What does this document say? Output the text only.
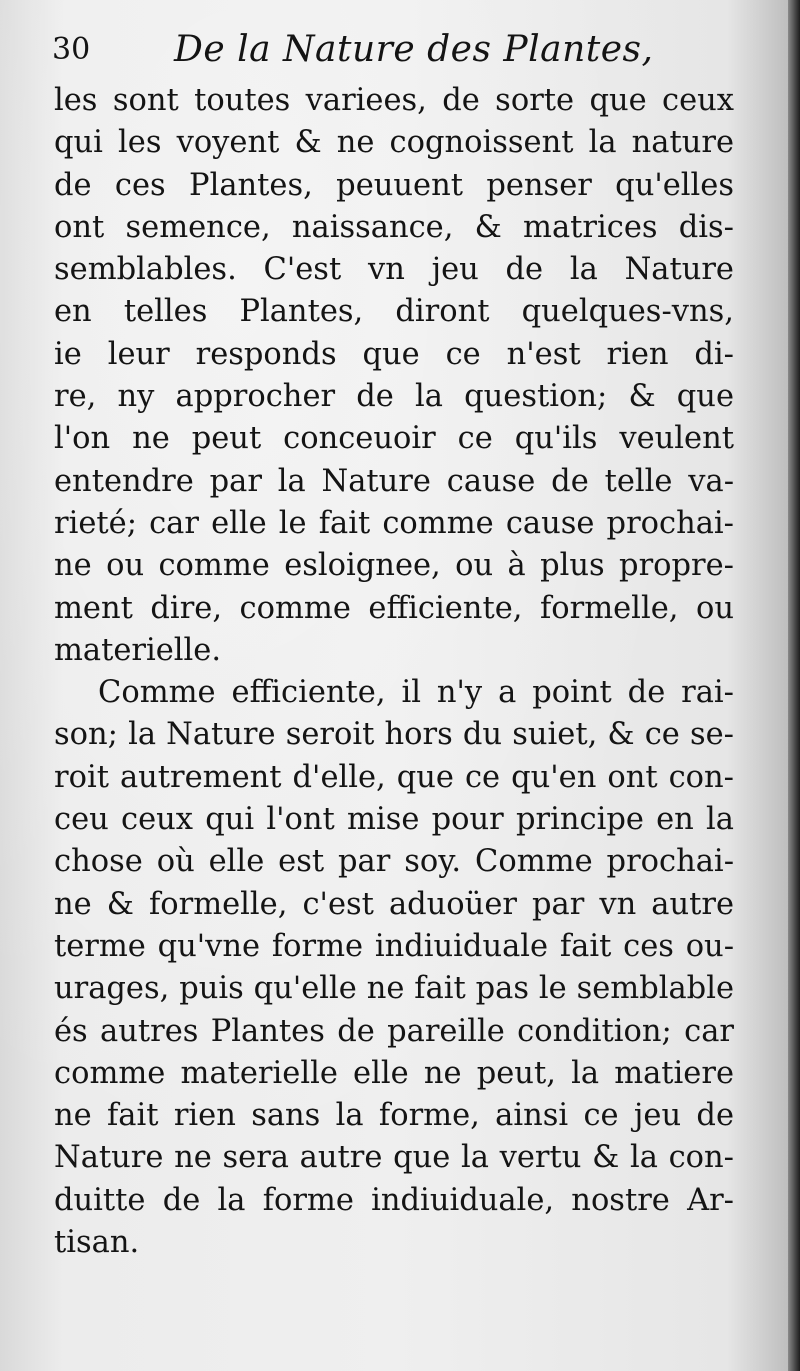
30 De la Nature des Plantes,
les sont toutes variees, de sorte que ceux
qui les voyent & ne cognoissent la nature
de ces Plantes, peuuent penser qu'elles
ont semence, naissance, & matrices dis-
semblables. C'est vn jeu de la Nature
en telles Plantes, diront quelques-vns,
ie leur responds que ce n'est rien di-
re, ny approcher de la question; & que
l'on ne peut conceuoir ce qu'ils veulent
entendre par la Nature cause de telle va-
rieté; car elle le fait comme cause prochai-
ne ou comme esloignee, ou à plus propre-
ment dire, comme efficiente, formelle, ou
materielle.
Comme efficiente, il n'y a point de rai-
son; la Nature seroit hors du suiet, & ce se-
roit autrement d'elle, que ce qu'en ont con-
ceu ceux qui l'ont mise pour principe en la
chose où elle est par soy. Comme prochai-
ne & formelle, c'est aduoüer par vn autre
terme qu'vne forme indiuiduale fait ces ou-
urages, puis qu'elle ne fait pas le semblable
és autres Plantes de pareille condition; car
comme materielle elle ne peut, la matiere
ne fait rien sans la forme, ainsi ce jeu de
Nature ne sera autre que la vertu & la con-
duitte de la forme indiuiduale, nostre Ar-
tisan.
